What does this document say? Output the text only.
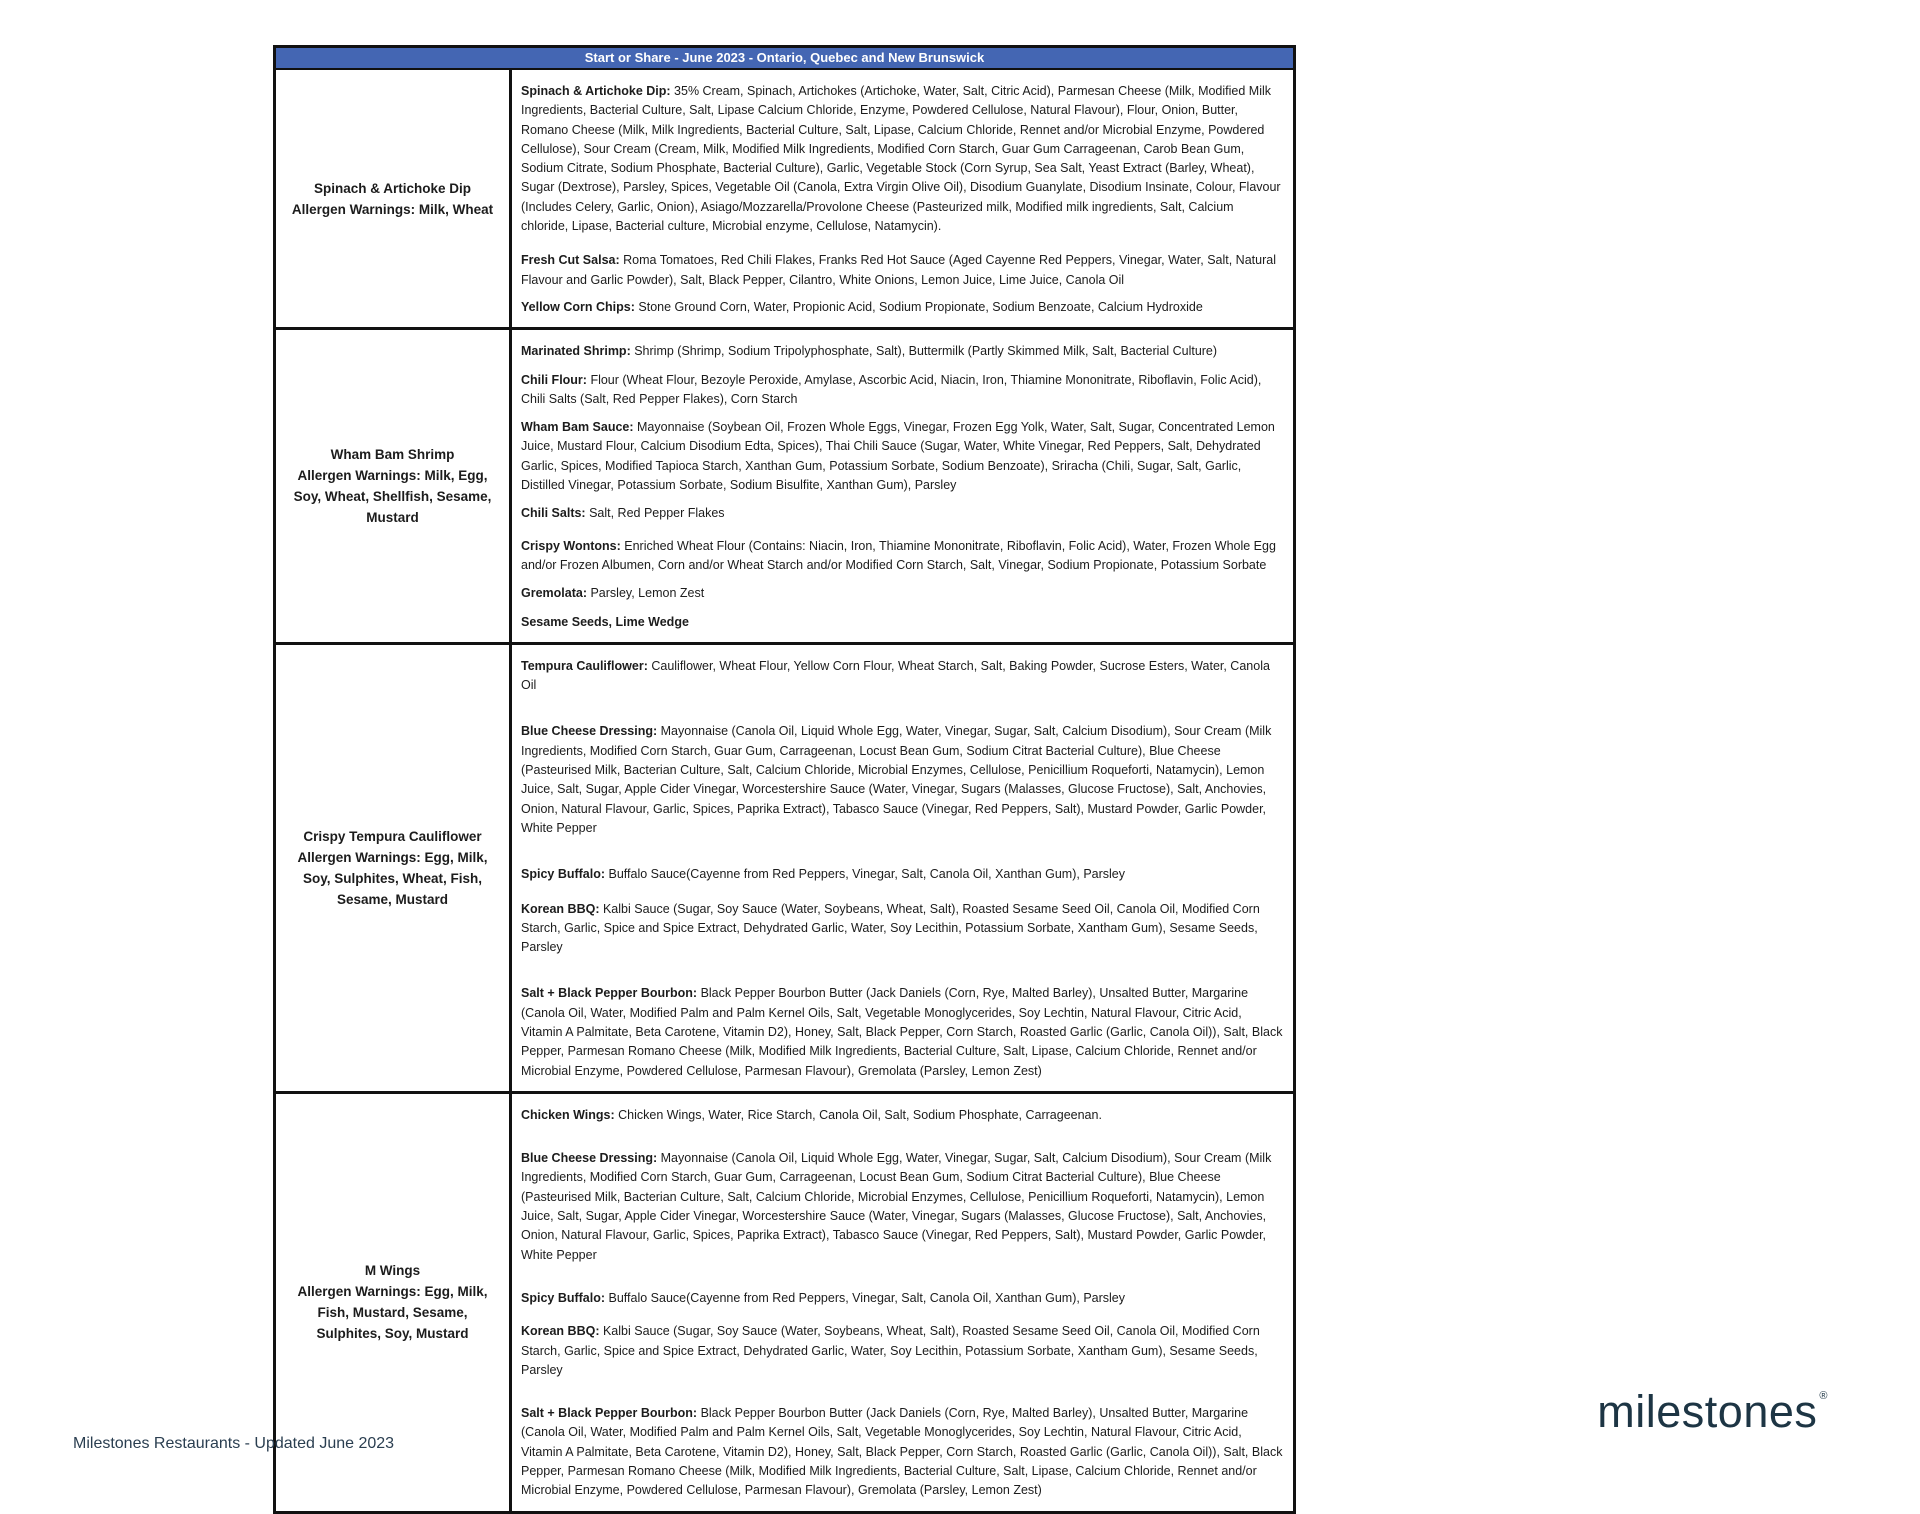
Start or Share - June 2023 - Ontario, Quebec and New Brunswick
Spinach & Artichoke Dip
Allergen Warnings: Milk, Wheat

Spinach & Artichoke Dip: 35% Cream, Spinach, Artichokes (Artichoke, Water, Salt, Citric Acid), Parmesan Cheese (Milk, Modified Milk Ingredients, Bacterial Culture, Salt, Lipase Calcium Chloride, Enzyme, Powdered Cellulose, Natural Flavour), Flour, Onion, Butter, Romano Cheese (Milk, Milk Ingredients, Bacterial Culture, Salt, Lipase, Calcium Chloride, Rennet and/or Microbial Enzyme, Powdered Cellulose), Sour Cream (Cream, Milk, Modified Milk Ingredients, Modified Corn Starch, Guar Gum Carrageenan, Carob Bean Gum, Sodium Citrate, Sodium Phosphate, Bacterial Culture), Garlic, Vegetable Stock (Corn Syrup, Sea Salt, Yeast Extract (Barley, Wheat), Sugar (Dextrose), Parsley, Spices, Vegetable Oil (Canola, Extra Virgin Olive Oil), Disodium Guanylate, Disodium Insinate, Colour, Flavour (Includes Celery, Garlic, Onion), Asiago/Mozzarella/Provolone Cheese (Pasteurized milk, Modified milk ingredients, Salt, Calcium chloride, Lipase, Bacterial culture, Microbial enzyme, Cellulose, Natamycin).

Fresh Cut Salsa: Roma Tomatoes, Red Chili Flakes, Franks Red Hot Sauce (Aged Cayenne Red Peppers, Vinegar, Water, Salt, Natural Flavour and Garlic Powder), Salt, Black Pepper, Cilantro, White Onions, Lemon Juice, Lime Juice, Canola Oil

Yellow Corn Chips: Stone Ground Corn, Water, Propionic Acid, Sodium Propionate, Sodium Benzoate, Calcium Hydroxide

Wham Bam Shrimp
Allergen Warnings: Milk, Egg, Soy, Wheat, Shellfish, Sesame, Mustard

Marinated Shrimp: Shrimp (Shrimp, Sodium Tripolyphosphate, Salt), Buttermilk (Partly Skimmed Milk, Salt, Bacterial Culture)

Chili Flour: Flour (Wheat Flour, Bezoyle Peroxide, Amylase, Ascorbic Acid, Niacin, Iron, Thiamine Mononitrate, Riboflavin, Folic Acid), Chili Salts (Salt, Red Pepper Flakes), Corn Starch

Wham Bam Sauce: Mayonnaise (Soybean Oil, Frozen Whole Eggs, Vinegar, Frozen Egg Yolk, Water, Salt, Sugar, Concentrated Lemon Juice, Mustard Flour, Calcium Disodium Edta, Spices), Thai Chili Sauce (Sugar, Water, White Vinegar, Red Peppers, Salt, Dehydrated Garlic, Spices, Modified Tapioca Starch, Xanthan Gum, Potassium Sorbate, Sodium Benzoate), Sriracha (Chili, Sugar, Salt, Garlic, Distilled Vinegar, Potassium Sorbate, Sodium Bisulfite, Xanthan Gum), Parsley

Chili Salts: Salt, Red Pepper Flakes

Crispy Wontons: Enriched Wheat Flour (Contains: Niacin, Iron, Thiamine Mononitrate, Riboflavin, Folic Acid), Water, Frozen Whole Egg and/or Frozen Albumen, Corn and/or Wheat Starch and/or Modified Corn Starch, Salt, Vinegar, Sodium Propionate, Potassium Sorbate

Gremolata: Parsley, Lemon Zest

Sesame Seeds, Lime Wedge

Crispy Tempura Cauliflower
Allergen Warnings: Egg, Milk, Soy, Sulphites, Wheat, Fish, Sesame, Mustard

Tempura Cauliflower: Cauliflower, Wheat Flour, Yellow Corn Flour, Wheat Starch, Salt, Baking Powder, Sucrose Esters, Water, Canola Oil

Blue Cheese Dressing: Mayonnaise (Canola Oil, Liquid Whole Egg, Water, Vinegar, Sugar, Salt, Calcium Disodium), Sour Cream (Milk Ingredients, Modified Corn Starch, Guar Gum, Carrageenan, Locust Bean Gum, Sodium Citrat Bacterial Culture), Blue Cheese (Pasteurised Milk, Bacterian Culture, Salt, Calcium Chloride, Microbial Enzymes, Cellulose, Penicillium Roqueforti, Natamycin), Lemon Juice, Salt, Sugar, Apple Cider Vinegar, Worcestershire Sauce (Water, Vinegar, Sugars (Malasses, Glucose Fructose), Salt, Anchovies, Onion, Natural Flavour, Garlic, Spices, Paprika Extract), Tabasco Sauce (Vinegar, Red Peppers, Salt), Mustard Powder, Garlic Powder, White Pepper

Spicy Buffalo: Buffalo Sauce(Cayenne from Red Peppers, Vinegar, Salt, Canola Oil, Xanthan Gum), Parsley

Korean BBQ: Kalbi Sauce (Sugar, Soy Sauce (Water, Soybeans, Wheat, Salt), Roasted Sesame Seed Oil, Canola Oil, Modified Corn Starch, Garlic, Spice and Spice Extract, Dehydrated Garlic, Water, Soy Lecithin, Potassium Sorbate, Xantham Gum), Sesame Seeds, Parsley

Salt + Black Pepper Bourbon: Black Pepper Bourbon Butter (Jack Daniels (Corn, Rye, Malted Barley), Unsalted Butter, Margarine (Canola Oil, Water, Modified Palm and Palm Kernel Oils, Salt, Vegetable Monoglycerides, Soy Lechtin, Natural Flavour, Citric Acid, Vitamin A Palmitate, Beta Carotene, Vitamin D2), Honey, Salt, Black Pepper, Corn Starch, Roasted Garlic (Garlic, Canola Oil)), Salt, Black Pepper, Parmesan Romano Cheese (Milk, Modified Milk Ingredients, Bacterial Culture, Salt, Lipase, Calcium Chloride, Rennet and/or Microbial Enzyme, Powdered Cellulose, Parmesan Flavour), Gremolata (Parsley, Lemon Zest)

M Wings
Allergen Warnings: Egg, Milk, Fish, Mustard, Sesame, Sulphites, Soy, Mustard

Chicken Wings: Chicken Wings, Water, Rice Starch, Canola Oil, Salt, Sodium Phosphate, Carrageenan.

Blue Cheese Dressing: Mayonnaise (Canola Oil, Liquid Whole Egg, Water, Vinegar, Sugar, Salt, Calcium Disodium), Sour Cream (Milk Ingredients, Modified Corn Starch, Guar Gum, Carrageenan, Locust Bean Gum, Sodium Citrat Bacterial Culture), Blue Cheese (Pasteurised Milk, Bacterian Culture, Salt, Calcium Chloride, Microbial Enzymes, Cellulose, Penicillium Roqueforti, Natamycin), Lemon Juice, Salt, Sugar, Apple Cider Vinegar, Worcestershire Sauce (Water, Vinegar, Sugars (Malasses, Glucose Fructose), Salt, Anchovies, Onion, Natural Flavour, Garlic, Spices, Paprika Extract), Tabasco Sauce (Vinegar, Red Peppers, Salt), Mustard Powder, Garlic Powder, White Pepper

Spicy Buffalo: Buffalo Sauce(Cayenne from Red Peppers, Vinegar, Salt, Canola Oil, Xanthan Gum), Parsley

Korean BBQ: Kalbi Sauce (Sugar, Soy Sauce (Water, Soybeans, Wheat, Salt), Roasted Sesame Seed Oil, Canola Oil, Modified Corn Starch, Garlic, Spice and Spice Extract, Dehydrated Garlic, Water, Soy Lecithin, Potassium Sorbate, Xantham Gum), Sesame Seeds, Parsley

Salt + Black Pepper Bourbon: Black Pepper Bourbon Butter (Jack Daniels (Corn, Rye, Malted Barley), Unsalted Butter, Margarine (Canola Oil, Water, Modified Palm and Palm Kernel Oils, Salt, Vegetable Monoglycerides, Soy Lechtin, Natural Flavour, Citric Acid, Vitamin A Palmitate, Beta Carotene, Vitamin D2), Honey, Salt, Black Pepper, Corn Starch, Roasted Garlic (Garlic, Canola Oil)), Salt, Black Pepper, Parmesan Romano Cheese (Milk, Modified Milk Ingredients, Bacterial Culture, Salt, Lipase, Calcium Chloride, Rennet and/or Microbial Enzyme, Powdered Cellulose, Parmesan Flavour), Gremolata (Parsley, Lemon Zest)

Milestones Restaurants - Updated June 2023
milestones ®
